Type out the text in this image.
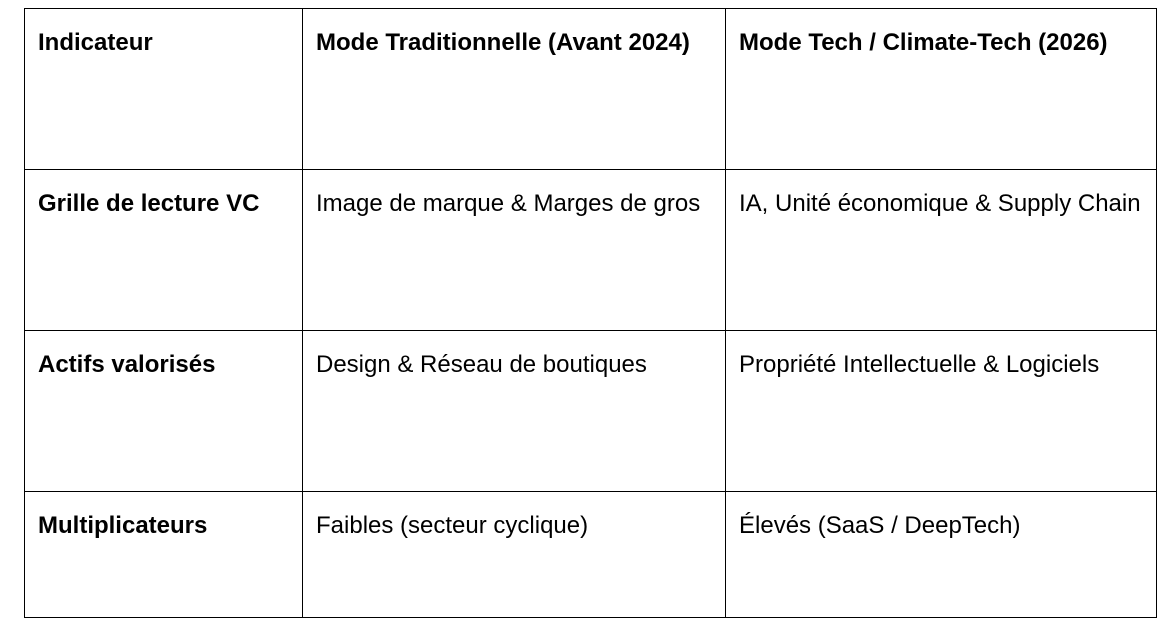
Indicateur	Mode Traditionnelle (Avant 2024)	Mode Tech / Climate-Tech (2026)
Grille de lecture VC	Image de marque & Marges de gros	IA, Unité économique & Supply Chain
Actifs valorisés	Design & Réseau de boutiques	Propriété Intellectuelle & Logiciels
Multiplicateurs	Faibles (secteur cyclique)	Élevés (SaaS / DeepTech)
